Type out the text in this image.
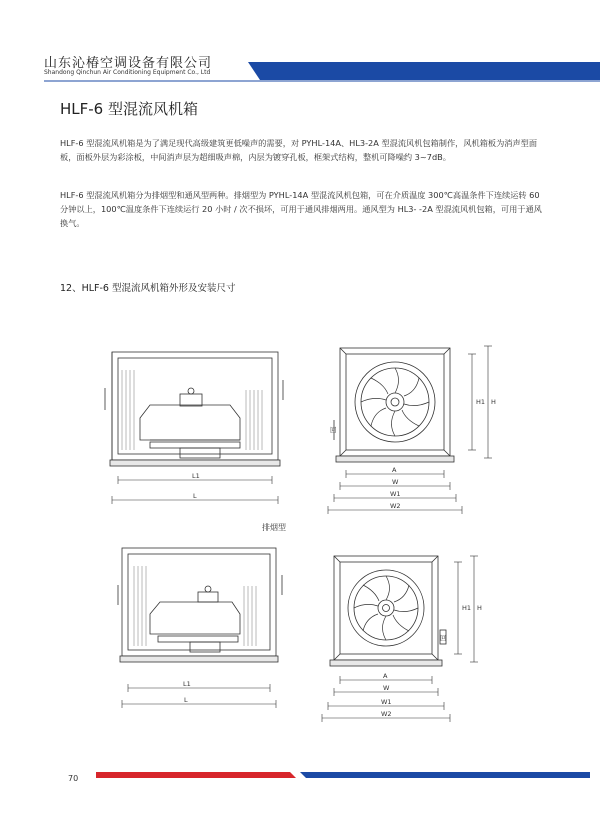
山东沁椿空调设备有限公司
Shandong Qinchun Air Conditioning Equipment Co., Ltd
HLF-6 型混流风机箱
HLF-6 型混流风机箱是为了满足现代高级建筑更低噪声的需要，对 PYHL-14A、HL3-2A 型混流风机包箱制作，风机箱板为消声型面板，面板外层为彩涂板，中间消声层为超细吸声棉，内层为镀穿孔板，框架式结构，整机可降噪约 3~7dB。
HLF-6 型混流风机箱分为排烟型和通风型两种。排烟型为 PYHL-14A 型混流风机包箱，可在介质温度 300℃高温条件下连续运转 60 分钟以上，100℃温度条件下连续运行 20 小时 / 次不损坏，可用于通风排烟两用。通风型为 HL3- -2A 型混流风机包箱，可用于通风换气。
12、HLF-6 型混流风机箱外形及安装尺寸
排烟型
70
L1
L
A
W
W1
W2
H1 H
回
L1
L
A
W
W1
W2
H1 H
回
